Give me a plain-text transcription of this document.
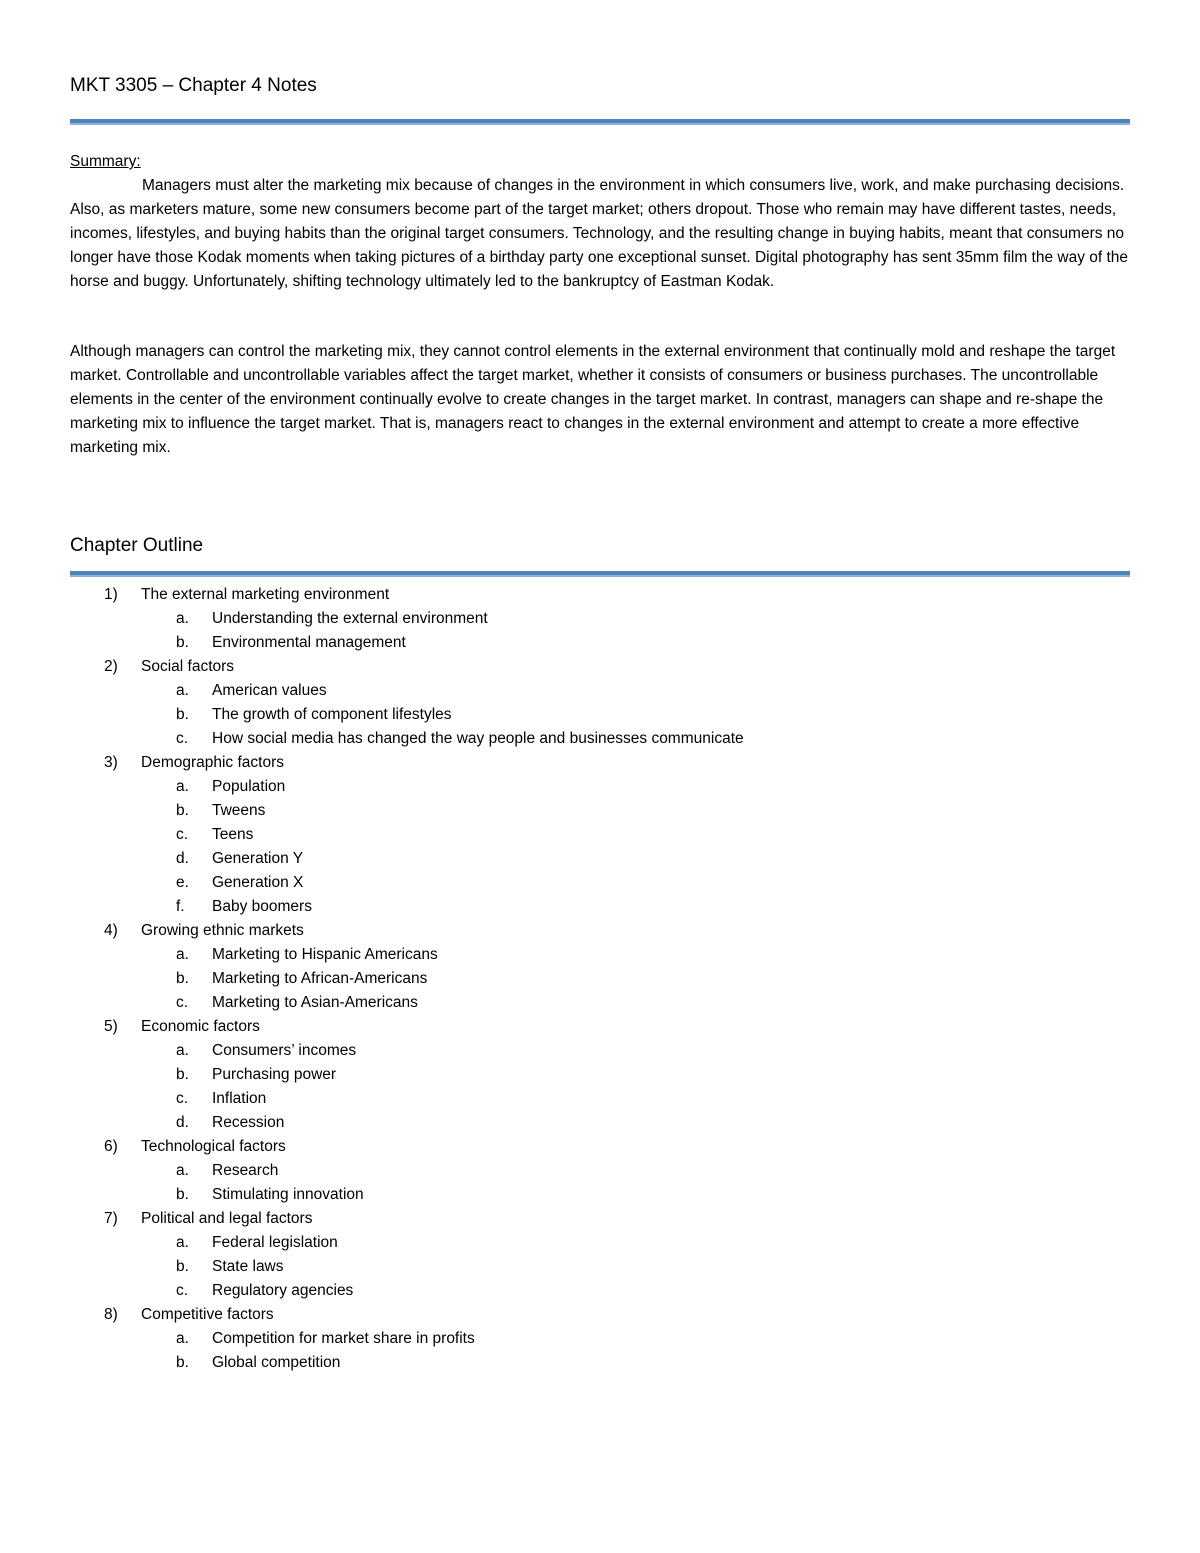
MKT 3305 – Chapter 4 Notes
Summary:

Managers must alter the marketing mix because of changes in the environment in which consumers live, work, and make purchasing decisions. Also, as marketers mature, some new consumers become part of the target market; others dropout. Those who remain may have different tastes, needs, incomes, lifestyles, and buying habits than the original target consumers. Technology, and the resulting change in buying habits, meant that consumers no longer have those Kodak moments when taking pictures of a birthday party one exceptional sunset. Digital photography has sent 35mm film the way of the horse and buggy. Unfortunately, shifting technology ultimately led to the bankruptcy of Eastman Kodak.

Although managers can control the marketing mix, they cannot control elements in the external environment that continually mold and reshape the target market. Controllable and uncontrollable variables affect the target market, whether it consists of consumers or business purchases. The uncontrollable elements in the center of the environment continually evolve to create changes in the target market. In contrast, managers can shape and re-shape the marketing mix to influence the target market. That is, managers react to changes in the external environment and attempt to create a more effective marketing mix.

Chapter Outline
1) The external marketing environment
a. Understanding the external environment
b. Environmental management
2) Social factors
a. American values
b. The growth of component lifestyles
c. How social media has changed the way people and businesses communicate
3) Demographic factors
a. Population
b. Tweens
c. Teens
d. Generation Y
e. Generation X
f. Baby boomers
4) Growing ethnic markets
a. Marketing to Hispanic Americans
b. Marketing to African-Americans
c. Marketing to Asian-Americans
5) Economic factors
a. Consumers’ incomes
b. Purchasing power
c. Inflation
d. Recession
6) Technological factors
a. Research
b. Stimulating innovation
7) Political and legal factors
a. Federal legislation
b. State laws
c. Regulatory agencies
8) Competitive factors
a. Competition for market share in profits
b. Global competition
